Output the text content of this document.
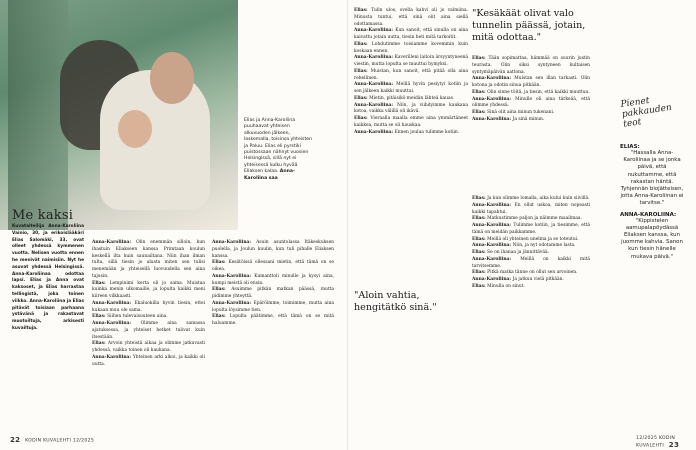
Elias ja Anna-Karoliina puuhaavat yhteisen alkuvuoden jälkeen, laskemalla, toisinsa yhteisten ja Paluu. Elias eli pyrstiki puistossaan nähnyt vuosien Helsingissä, sillä nyt ei yhteisessä kulku hyvää Eliaksen kalaa. Anna-Karoliina saa
Me kaksi
Kuvataiteilija Anna-Karoliina Vainio, 30, ja erikoislääkäri Elias Salomäki, 33, ovat olleet yhdessä kymmenen vuotta. Nelisen vuotta ennen he menivät naimisiin. Nyt he asuvat yhdessä Helsingissä. Anna-Karoliinaa odottaa lapsi. Elias ja Anna ovat kaksoset, ja Elias harrastaa tellingistä, joka toinen viikko. Anna-Karoliina ja Elias pitävät toisiaan parhaana ystävänä ja rakastavat muotoiltuja, arkisesti kuvailtuja.

Anna-Karoliina: Olin enemmän silloin, kun ihastuin Eliakseen kanssa Primtaan koulun keskellä ilta kuin saunailtana. Niin ihan ilman tulta, sillä tiesin jo alusta miten sen tulisi menemään ja yhteisellä luovuudella sen aina tajusin.

Elias: Lempinimi kerta oli jo sama. Muistaa kuinka menin ulkomaille, ja lopulta kaikki meni kiireen vilkkaasti.

Anna-Karoliina: Ekaluokilla hyvin tiesin, ettei kukaan muu ole sama.

Elias: Siihen tulevaisuuteen aina.

Anna-Karoliina: Olimme aina samassa ajatuksessa, ja yhteiset hetket tulivat kuin itsestään.

Elias: Arvoin yhteistä aikaa ja olimme jatkuvasti yhdessä, vaikka toinen oli kaukana.

Anna-Karoliina: Yhteinen arki alkoi, ja kaikki oli uutta.

Anna-Karoliina: Asuin asuntolassa Itäkeskuksen puolella, ja Joulun kuulin, kun tuli pihalle Eliaksen kanssa.

Elias: Kesätöissä ollessani mietin, että tämä on se oikea.

Anna-Karoliina: Kumanttoli minulle ja kysyi aina, kumpi meistä oli ensin.

Elias: Asuimme pitkän matkan päässä, mutta pidimme yhteyttä.

Anna-Karoliina: Epäröimme, toimimme, mutta aina lopulta löysimme tien.

Elias: Lopulta päätimme, että tämä on se mitä haluamme.

22 KODIN KUVALEHTI 12/2025

Elias: Tulin ulos, ovella kahvi oli jo valmiina. Minusta tuntui, että sinä olit aina siellä odottamassa.

Anna-Karoliina: Kun sanoit, että sinulla on aina kaivattu jotain uutta, tiesin heti mitä tarkoitit.

Elias: Lohdutimme toisiamme kovemmin kuin koskaan ennen.

Anna-Karoliina: Kaverilleni laitoin ärsyyntyneenä viestin, mutta lopulta se muuttui hymyksi.

Elias: Muistan, kun sanoit, että pitää olla aina rehellinen.

Anna-Karoliina: Meillä hyvin pesiytyi kotiin ja sen jälkeen kaikki muuttui.

Elias: Mietin, pitäisikö meidän lähteä kauas.

Anna-Karoliina: Niin, ja viihdyimme kaukana kotoa, vaikka välillä oli ikävä.

Elias: Vieraalla maalla emme aina ymmärtäneet kaikkea, mutta se oli hauskaa.

Anna-Karoliina: Ennen joulua tulimme kotiin.

"Kesäkäät olivat valo tunnelin päässä, jotain, mitä odottaa."

Elias: Tään sopimattaa, hämmää on suurin justin teurasta. Olin siksi syntyneen kultaisen syntymäpäivän aattona.

Anna-Karoliina: Muistan sen illan tarkasti. Olin kotona ja odotin sinua pitkään.

Elias: Olin sinne töitä, ja tiesin, että kaikki muuttuu.

Anna-Karoliina: Minulle oli aina tärkeää, että olimme yhdessä.

Elias: Sinä olit aina minun tukenani.

Anna-Karoliina: Ja sinä minun.

"Aloin vahtia, hengitätkö sinä."

Elias: Ja kun olimme lomalla, aika kului kuin siivillä.

Anna-Karoliina: En ollut uskoa, miten nopeasti kaikki tapahtui.

Elias: Matkustimme paljon ja näimme maailmaa.

Anna-Karoliina: Tulimme kotiin, ja tiesimme, että tämä on meidän paikkamme.

Elias: Meillä oli yhteinen unelma ja se toteutui.

Anna-Karoliina: Niin, ja nyt odotamme lasta.

Elias: Se on ihanaa ja jännittävää.

Anna-Karoliina: Meillä on kaikki mitä tarvitsemme.

Elias: Pitkä matka tänne on ollut sen arvoinen.

Anna-Karoliina: Ja jatkuu vielä pitkään.

Elias: Minulla on sinut.

Pienet pakkauden teot
ELIAS:
"Hassalla Anna-Karoliinaa ja se jonka päivä, että nukuttamme, että rakastan häntä. Tyhjennän biojätteisen, jotta Anna-Karoliinan ei tarvitse."
ANNA-KAROLIINA:
"Kippistelen aamupalapöydässä Eliaksen kanssa, kun juomme kahvia. Sanon kun tiesin hänelle mukava päivä."
12/2025 KODIN KUVALEHTI 23
